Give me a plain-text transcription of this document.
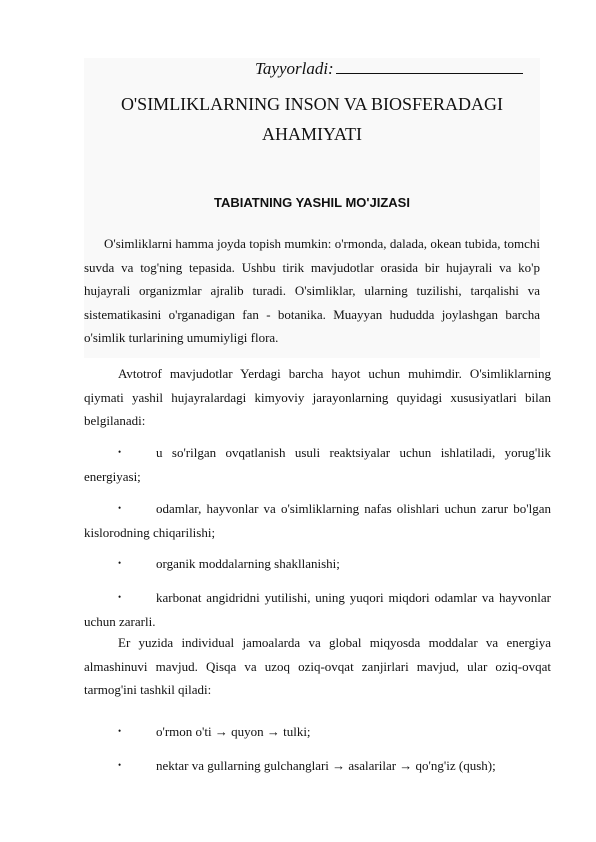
Tayyorladi:
O'SIMLIKLARNING INSON VA BIOSFERADAGI
AHAMIYATI
TABIATNING YASHIL MO'JIZASI

O'simliklarni hamma joyda topish mumkin: o'rmonda, dalada, okean tubida, tomchi suvda va tog'ning tepasida. Ushbu tirik mavjudotlar orasida bir hujayrali va ko'p hujayrali organizmlar ajralib turadi. O'simliklar, ularning tuzilishi, tarqalishi va sistematikasini o'rganadigan fan - botanika. Muayyan hududda joylashgan barcha o'simlik turlarining umumiyligi flora.

Avtotrof mavjudotlar Yerdagi barcha hayot uchun muhimdir. O'simliklarning qiymati yashil hujayralardagi kimyoviy jarayonlarning quyidagi xususiyatlari bilan belgilanadi:

•	u so'rilgan ovqatlanish usuli reaktsiyalar uchun ishlatiladi, yorug'lik energiyasi;
•	odamlar, hayvonlar va o'simliklarning nafas olishlari uchun zarur bo'lgan kislorodning chiqarilishi;
•	organik moddalarning shakllanishi;
•	karbonat angidridni yutilishi, uning yuqori miqdori odamlar va hayvonlar uchun zararli.

Er yuzida individual jamoalarda va global miqyosda moddalar va energiya almashinuvi mavjud. Qisqa va uzoq oziq-ovqat zanjirlari mavjud, ular oziq-ovqat tarmog'ini tashkil qiladi:

•	o'rmon o'ti → quyon → tulki;
•	nektar va gullarning gulchanglari → asalarilar → qo'ng'iz (qush);
